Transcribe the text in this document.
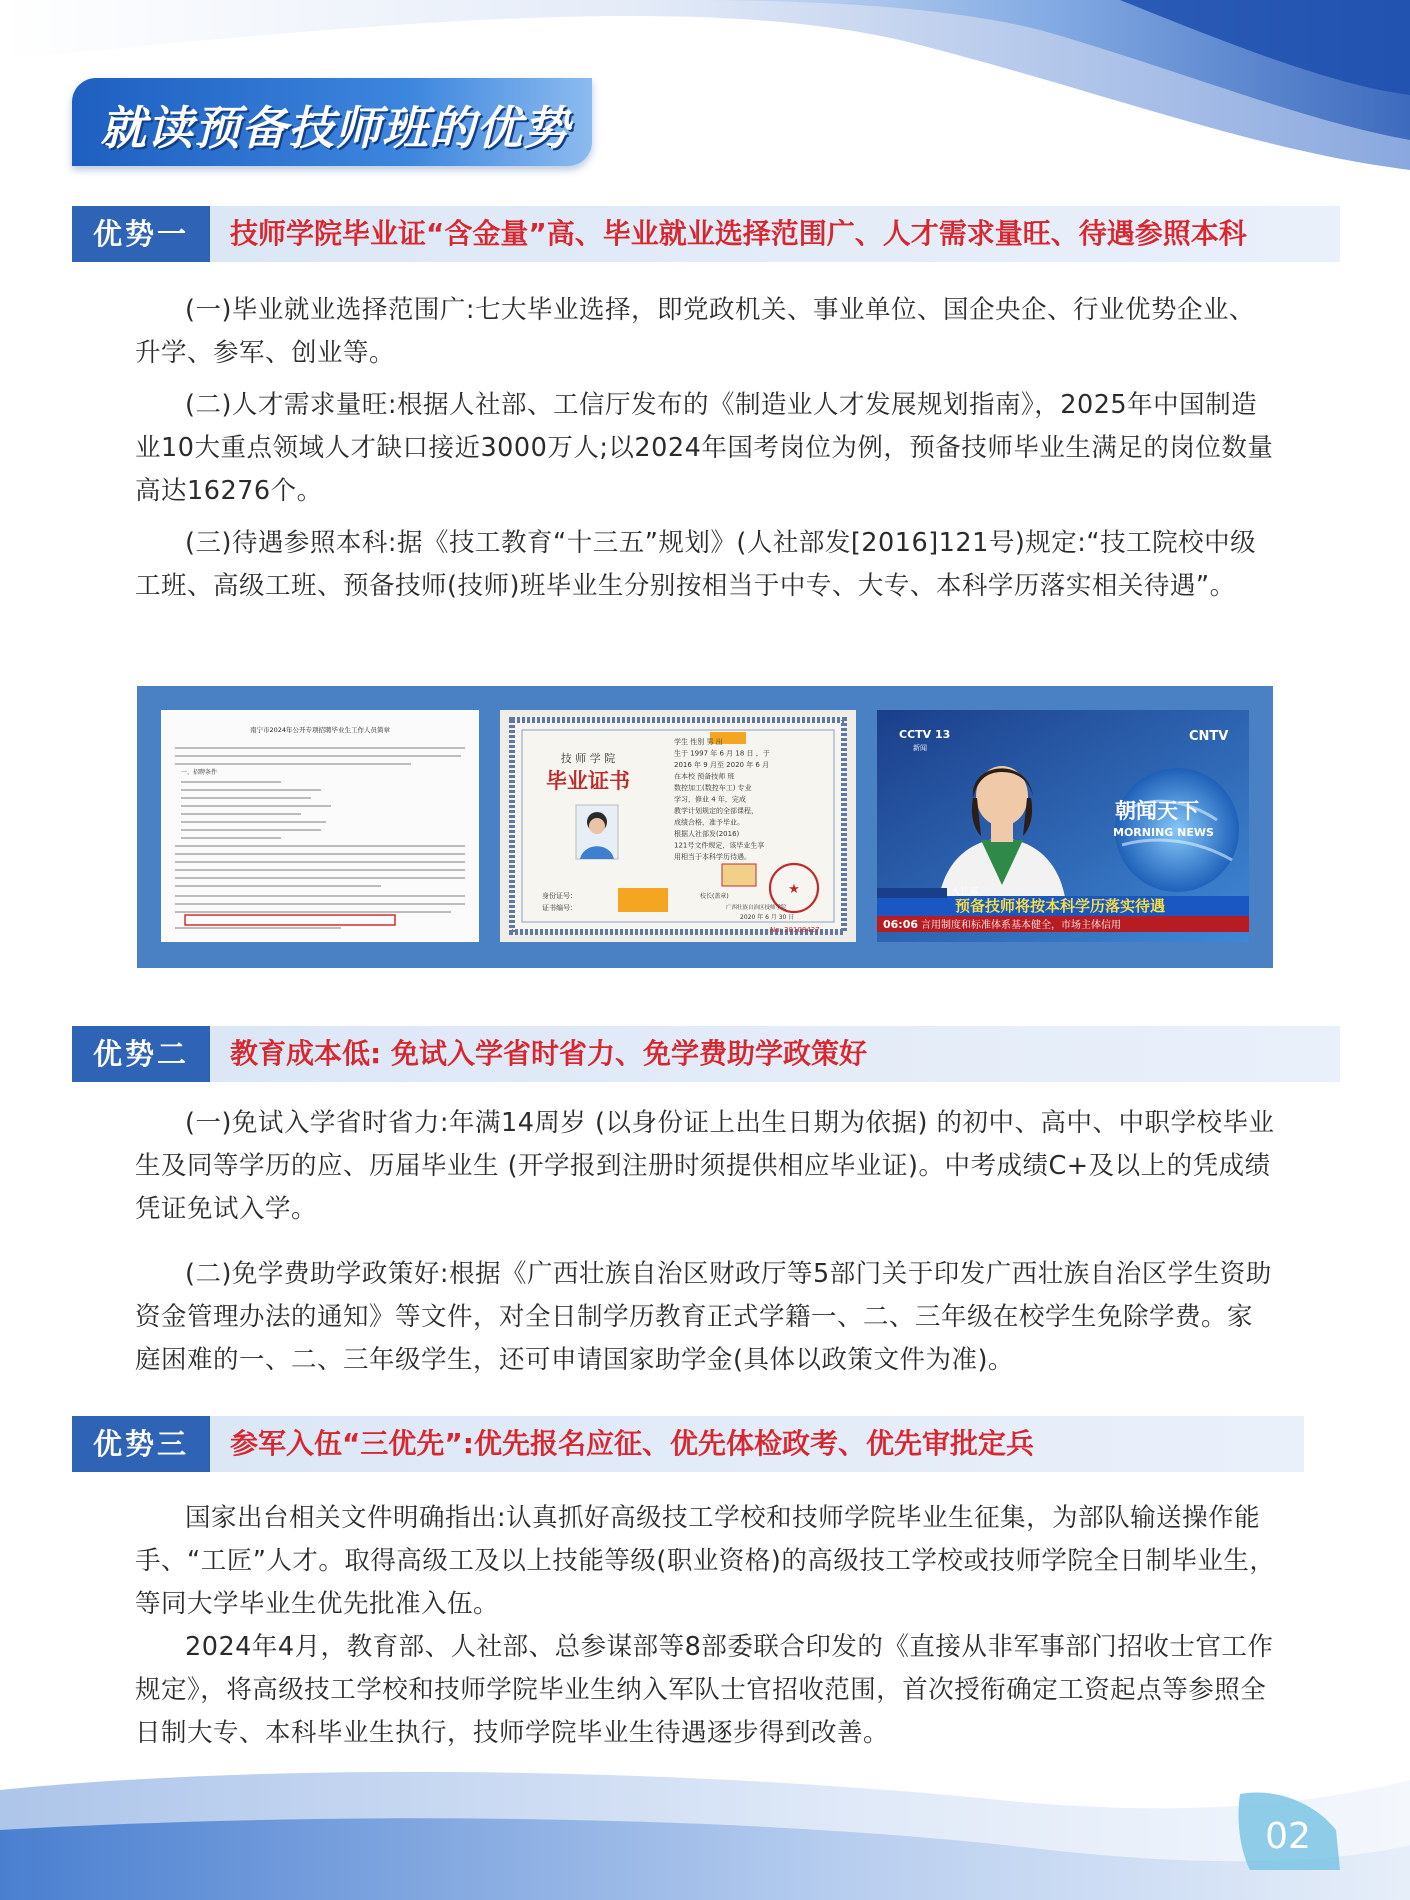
就读预备技师班的优势
优势一	技师学院毕业证“含金量”高、毕业就业选择范围广、人才需求量旺、待遇参照本科
(一)毕业就业选择范围广:七大毕业选择，即党政机关、事业单位、国企央企、行业优势企业、升学、参军、创业等。
(二)人才需求量旺:根据人社部、工信厅发布的《制造业人才发展规划指南》，2025年中国制造业10大重点领域人才缺口接近3000万人;以2024年国考岗位为例，预备技师毕业生满足的岗位数量高达16276个。
(三)待遇参照本科:据《技工教育“十三五”规划》(人社部发[2016]121号)规定:“技工院校中级工班、高级工班、预备技师(技师)班毕业生分别按相当于中专、大专、本科学历落实相关待遇”。
南宁市2024年公开专项招聘毕业生工作人员简章
一、招聘条件
技 师 学 院
毕业证书
身份证号：
证书编号：
学生 性别 男 出
生于 1997 年 6 月 18 日 ，于
2016 年 9 月至 2020 年 6 月
在本校 预备技师 班
数控加工(数控车工) 专业
学习，修业 4 年，完成
教学计划规定的全部课程，
成绩合格，准予毕业。
根据人社部发(2016)
121号文件规定，该毕业生享
用相当于本科学历待遇。
★
校长(盖章)
广西壮族自治区技师学院
2020 年 6 月 30 日
No: 20108427
CCTV 13
新闻
CNTV
朝闻天下
MORNING NEWS
人社部
预备技师将按本科学历落实待遇
06:06 言用制度和标准体系基本健全，市场主体信用
优势二	教育成本低: 免试入学省时省力、免学费助学政策好
(一)免试入学省时省力:年满14周岁 (以身份证上出生日期为依据) 的初中、高中、中职学校毕业生及同等学历的应、历届毕业生 (开学报到注册时须提供相应毕业证)。中考成绩C+及以上的凭成绩凭证免试入学。
(二)免学费助学政策好:根据《广西壮族自治区财政厅等5部门关于印发广西壮族自治区学生资助资金管理办法的通知》等文件，对全日制学历教育正式学籍一、二、三年级在校学生免除学费。家庭困难的一、二、三年级学生，还可申请国家助学金(具体以政策文件为准)。
优势三	参军入伍“三优先”:优先报名应征、优先体检政考、优先审批定兵
国家出台相关文件明确指出:认真抓好高级技工学校和技师学院毕业生征集，为部队输送操作能手、“工匠”人才。取得高级工及以上技能等级(职业资格)的高级技工学校或技师学院全日制毕业生，等同大学毕业生优先批准入伍。
2024年4月，教育部、人社部、总参谋部等8部委联合印发的《直接从非军事部门招收士官工作规定》，将高级技工学校和技师学院毕业生纳入军队士官招收范围，首次授衔确定工资起点等参照全日制大专、本科毕业生执行，技师学院毕业生待遇逐步得到改善。
02
